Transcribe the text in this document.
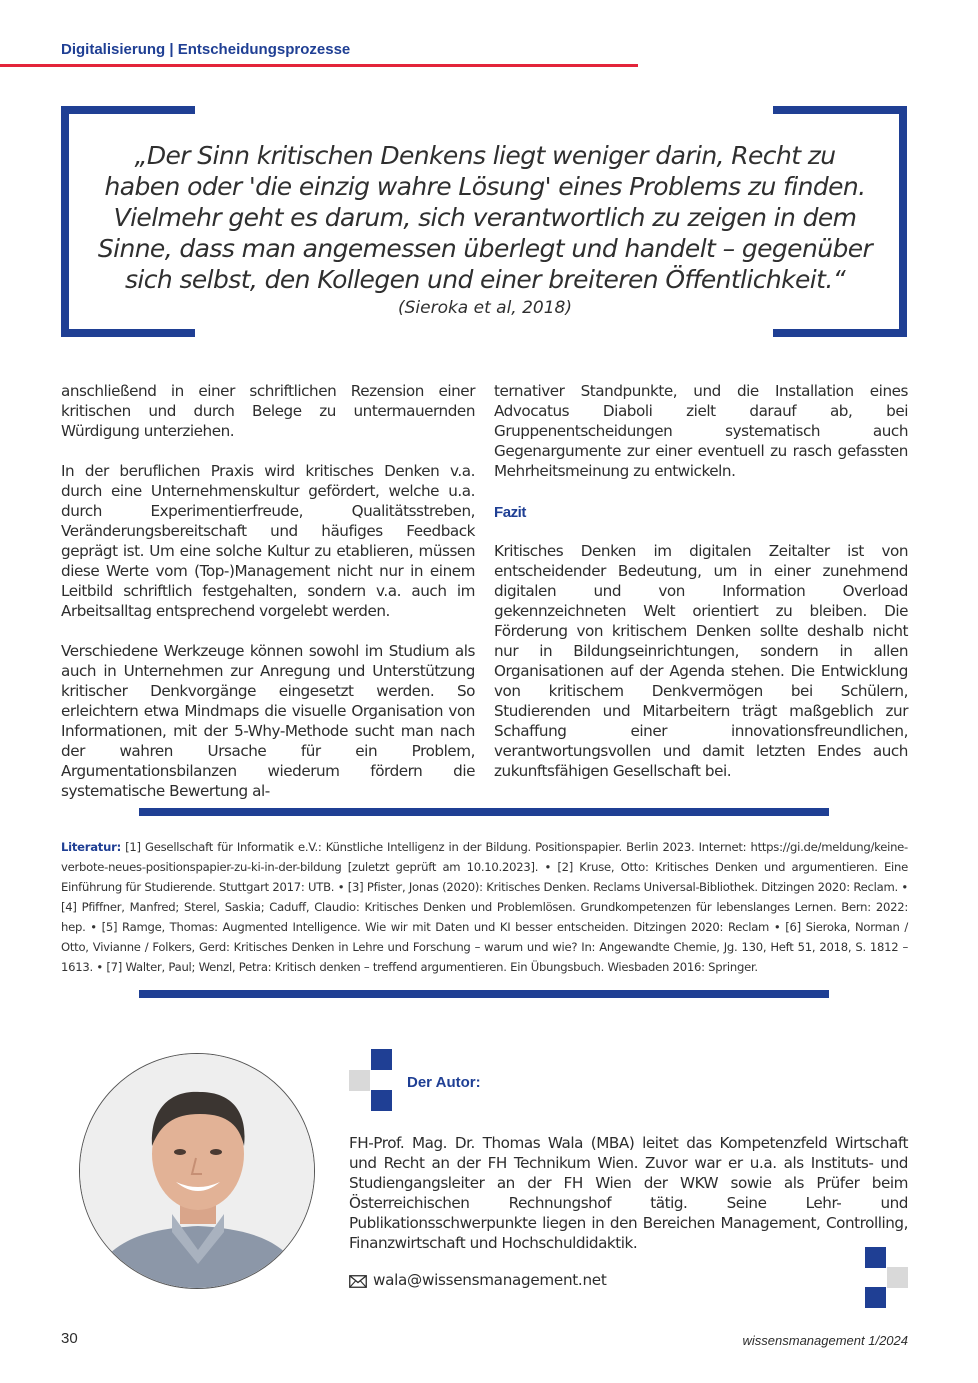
Digitalisierung | Entscheidungsprozesse
„Der Sinn kritischen Denkens liegt weniger darin, Recht zu haben oder 'die einzig wahre Lösung' eines Problems zu finden. Vielmehr geht es darum, sich verantwortlich zu zeigen in dem Sinne, dass man angemessen überlegt und handelt – gegenüber sich selbst, den Kollegen und einer breiteren Öffentlichkeit.“
(Sieroka et al, 2018)

anschließend in einer schriftlichen Rezension einer kritischen und durch Belege zu untermauernden Würdigung unterziehen.

In der beruflichen Praxis wird kritisches Denken v.a. durch eine Unternehmenskultur gefördert, welche u.a. durch Experimentierfreude, Qualitätsstreben, Veränderungsbereitschaft und häufiges Feedback geprägt ist. Um eine solche Kultur zu etablieren, müssen diese Werte vom (Top-)Management nicht nur in einem Leitbild schriftlich festgehalten, sondern v.a. auch im Arbeitsalltag entsprechend vorgelebt werden.

Verschiedene Werkzeuge können sowohl im Studium als auch in Unternehmen zur Anregung und Unterstützung kritischer Denkvorgänge eingesetzt werden. So erleichtern etwa Mindmaps die visuelle Organisation von Informationen, mit der 5-Why-Methode sucht man nach der wahren Ursache für ein Problem, Argumentationsbilanzen wiederum fördern die systematische Bewertung al-

ternativer Standpunkte, und die Installation eines Advocatus Diaboli zielt darauf ab, bei Gruppenentscheidungen systematisch auch Gegenargumente zur einer eventuell zu rasch gefassten Mehrheitsmeinung zu entwickeln.

Fazit

Kritisches Denken im digitalen Zeitalter ist von entscheidender Bedeutung, um in einer zunehmend digitalen und von Information Overload gekennzeichneten Welt orientiert zu bleiben. Die Förderung von kritischem Denken sollte deshalb nicht nur in Bildungseinrichtungen, sondern in allen Organisationen auf der Agenda stehen. Die Entwicklung von kritischem Denkvermögen bei Schülern, Studierenden und Mitarbeitern trägt maßgeblich zur Schaffung einer innovationsfreundlichen, verantwortungsvollen und damit letzten Endes auch zukunftsfähigen Gesellschaft bei.

Literatur: [1] Gesellschaft für Informatik e.V.: Künstliche Intelligenz in der Bildung. Positionspapier. Berlin 2023. Internet: https://gi.de/meldung/keine-verbote-neues-positionspapier-zu-ki-in-der-bildung [zuletzt geprüft am 10.10.2023]. • [2] Kruse, Otto: Kritisches Denken und argumentieren. Eine Einführung für Studierende. Stuttgart 2017: UTB. • [3] Pfister, Jonas (2020): Kritisches Denken. Reclams Universal-Bibliothek. Ditzingen 2020: Reclam. • [4] Pfiffner, Manfred; Sterel, Saskia; Caduff, Claudio: Kritisches Denken und Problemlösen. Grundkompetenzen für lebenslanges Lernen. Bern: 2022: hep. • [5] Ramge, Thomas: Augmented Intelligence. Wie wir mit Daten und KI besser entscheiden. Ditzingen 2020: Reclam • [6] Sieroka, Norman / Otto, Vivianne / Folkers, Gerd: Kritisches Denken in Lehre und Forschung – warum und wie? In: Angewandte Chemie, Jg. 130, Heft 51, 2018, S. 1812 – 1613. • [7] Walter, Paul; Wenzl, Petra: Kritisch denken – treffend argumentieren. Ein Übungsbuch. Wiesbaden 2016: Springer.
Der Autor:
FH-Prof. Mag. Dr. Thomas Wala (MBA) leitet das Kompetenzfeld Wirtschaft und Recht an der FH Technikum Wien. Zuvor war er u.a. als Instituts- und Studiengangsleiter an der FH Wien der WKW sowie als Prüfer beim Österreichischen Rechnungshof tätig. Seine Lehr- und Publikationsschwerpunkte liegen in den Bereichen Management, Controlling, Finanzwirtschaft und Hochschuldidaktik.
wala@wissensmanagement.net
30	wissensmanagement 1/2024
